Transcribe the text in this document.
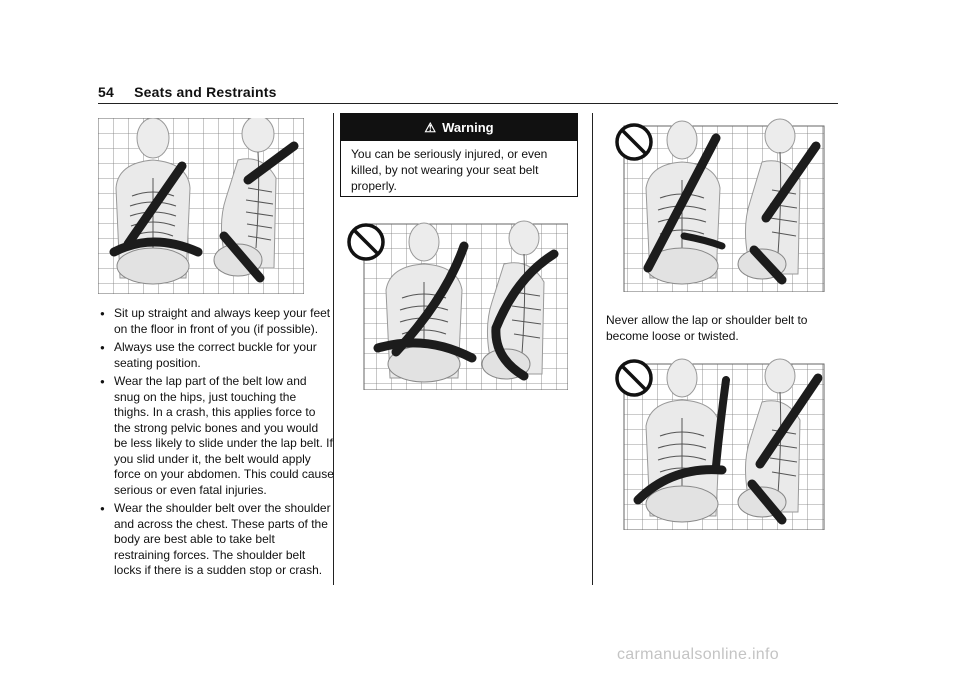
54 Seats and Restraints
● Sit up straight and always keep your feet on the floor in front of you (if possible).
● Always use the correct buckle for your seating position.
● Wear the lap part of the belt low and snug on the hips, just touching the thighs. In a crash, this applies force to the strong pelvic bones and you would be less likely to slide under the lap belt. If you slid under it, the belt would apply force on your abdomen. This could cause serious or even fatal injuries.
● Wear the shoulder belt over the shoulder and across the chest. These parts of the body are best able to take belt restraining forces. The shoulder belt locks if there is a sudden stop or crash.
⚠ Warning
You can be seriously injured, or even killed, by not wearing your seat belt properly.
Never allow the lap or shoulder belt to become loose or twisted.
carmanualsonline.info
